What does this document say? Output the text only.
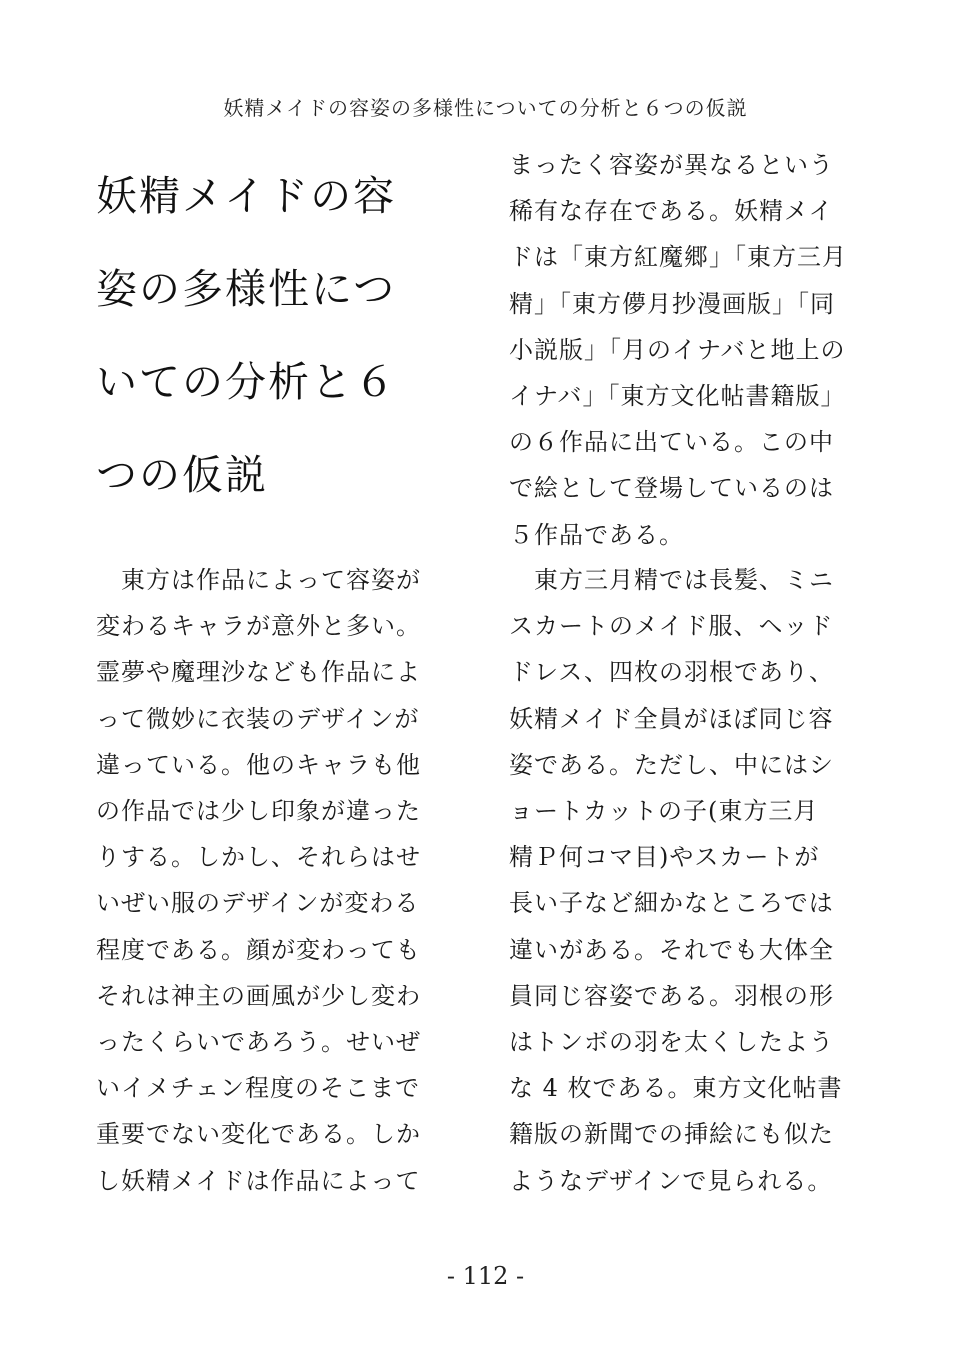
妖精メイドの容姿の多様性についての分析と６つの仮説
妖精メイドの容
姿の多様性につ
いての分析と６
つの仮説
まったく容姿が異なるという
稀有な存在である。妖精メイ
ドは「東方紅魔郷」「東方三月
精」「東方儚月抄漫画版」「同
小説版」「月のイナバと地上の
イナバ」「東方文化帖書籍版」
の６作品に出ている。この中
で絵として登場しているのは
５作品である。
　東方は作品によって容姿が
変わるキャラが意外と多い。
霊夢や魔理沙なども作品によ
って微妙に衣装のデザインが
違っている。他のキャラも他
の作品では少し印象が違った
りする。しかし、それらはせ
いぜい服のデザインが変わる
程度である。顔が変わっても
それは神主の画風が少し変わ
ったくらいであろう。せいぜ
いイメチェン程度のそこまで
重要でない変化である。しか
し妖精メイドは作品によって
　東方三月精では長髪、ミニ
スカートのメイド服、ヘッド
ドレス、四枚の羽根であり、
妖精メイド全員がほぼ同じ容
姿である。ただし、中にはシ
ョートカットの子(東方三月
精Ｐ何コマ目)やスカートが
長い子など細かなところでは
違いがある。それでも大体全
員同じ容姿である。羽根の形
はトンボの羽を太くしたよう
な 4 枚である。東方文化帖書
籍版の新聞での挿絵にも似た
ようなデザインで見られる。
- 112 -
